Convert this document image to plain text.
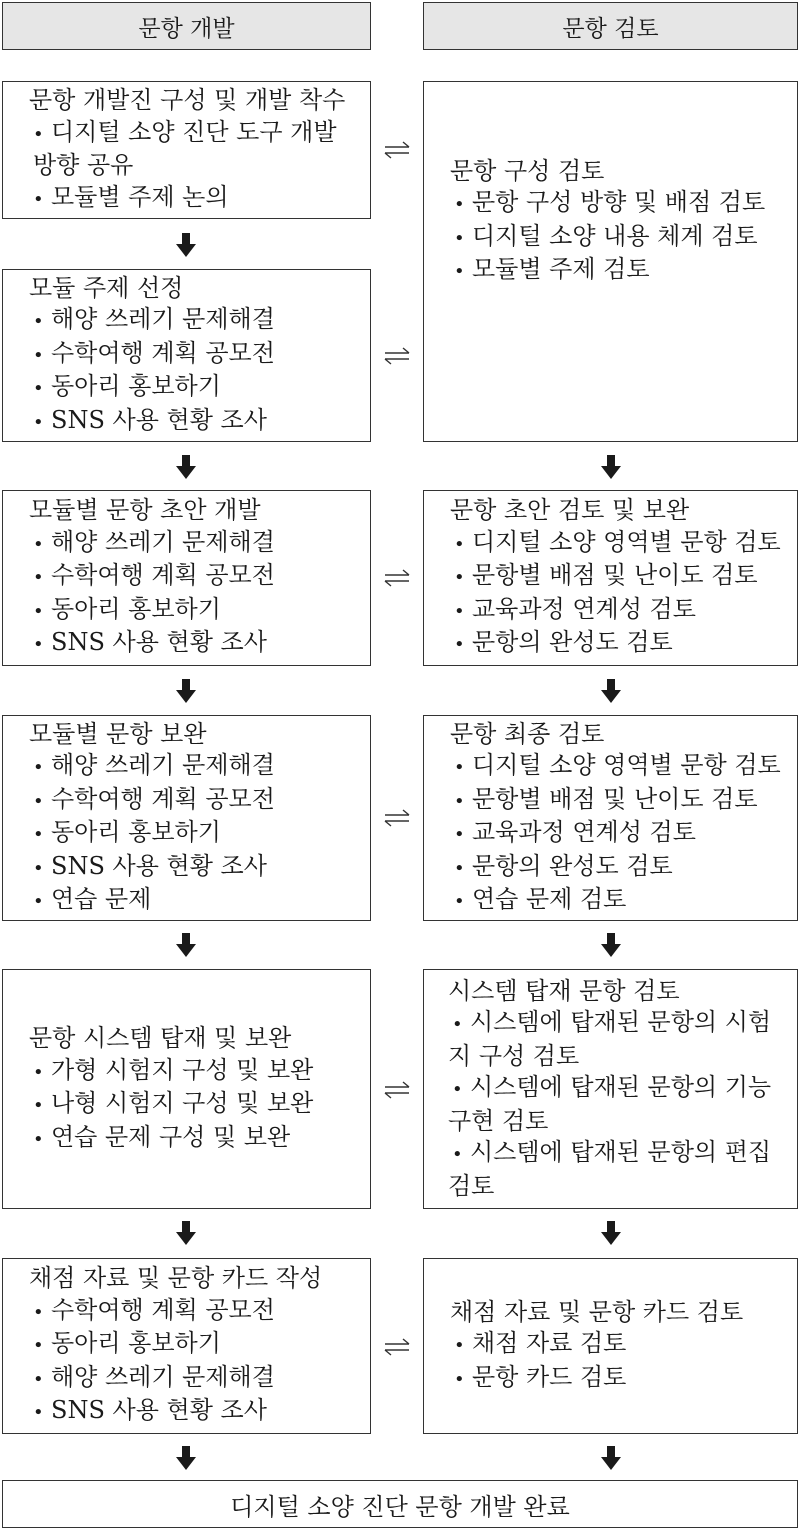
문항 개발	문항 검토

문항 개발진 구성 및 개발 착수

• 디지털 소양 진단 도구 개발 방향 공유
• 모듈별 주제 논의

모듈 주제 선정

• 해양 쓰레기 문제해결
• 수학여행 계획 공모전
• 동아리 홍보하기
• SNS 사용 현황 조사

모듈별 문항 초안 개발

• 해양 쓰레기 문제해결
• 수학여행 계획 공모전
• 동아리 홍보하기
• SNS 사용 현황 조사

모듈별 문항 보완

• 해양 쓰레기 문제해결
• 수학여행 계획 공모전
• 동아리 홍보하기
• SNS 사용 현황 조사
• 연습 문제

문항 시스템 탑재 및 보완

• 가형 시험지 구성 및 보완
• 나형 시험지 구성 및 보완
• 연습 문제 구성 및 보완

채점 자료 및 문항 카드 작성

• 수학여행 계획 공모전
• 동아리 홍보하기
• 해양 쓰레기 문제해결
• SNS 사용 현황 조사

문항 구성 검토

• 문항 구성 방향 및 배점 검토
• 디지털 소양 내용 체계 검토
• 모듈별 주제 검토

문항 초안 검토 및 보완

• 디지털 소양 영역별 문항 검토
• 문항별 배점 및 난이도 검토
• 교육과정 연계성 검토
• 문항의 완성도 검토

문항 최종 검토

• 디지털 소양 영역별 문항 검토
• 문항별 배점 및 난이도 검토
• 교육과정 연계성 검토
• 문항의 완성도 검토
• 연습 문제 검토

시스템 탑재 문항 검토

• 시스템에 탑재된 문항의 시험지 구성 검토
• 시스템에 탑재된 문항의 기능 구현 검토
• 시스템에 탑재된 문항의 편집 검토

채점 자료 및 문항 카드 검토

• 채점 자료 검토
• 문항 카드 검토
디지털 소양 진단 문항 개발 완료
